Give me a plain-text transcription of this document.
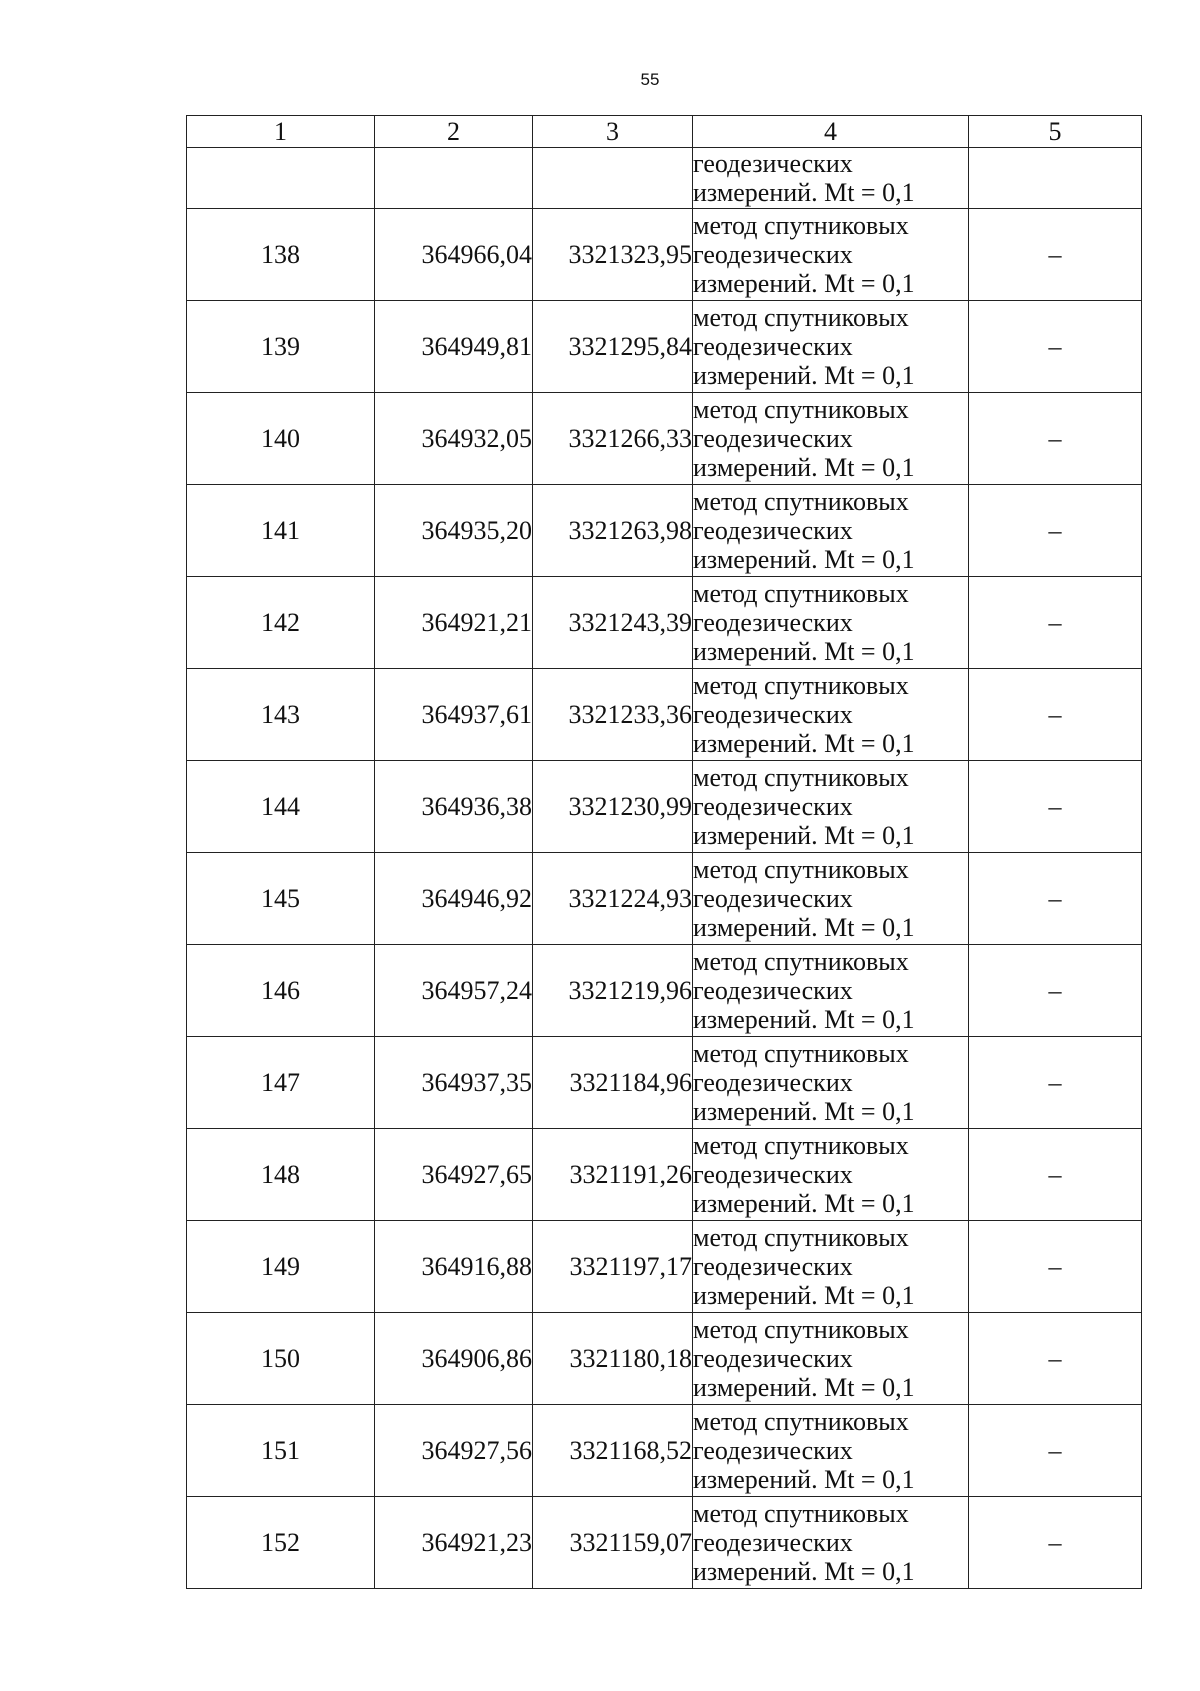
55
1	2	3	4	5

			геодезических
измерений. Mt = 0,1	

138	364966,04	3321323,95	метод спутниковых
геодезических
измерений. Mt = 0,1	–
139	364949,81	3321295,84	метод спутниковых
геодезических
измерений. Mt = 0,1	–
140	364932,05	3321266,33	метод спутниковых
геодезических
измерений. Mt = 0,1	–
141	364935,20	3321263,98	метод спутниковых
геодезических
измерений. Mt = 0,1	–
142	364921,21	3321243,39	метод спутниковых
геодезических
измерений. Mt = 0,1	–
143	364937,61	3321233,36	метод спутниковых
геодезических
измерений. Mt = 0,1	–
144	364936,38	3321230,99	метод спутниковых
геодезических
измерений. Mt = 0,1	–
145	364946,92	3321224,93	метод спутниковых
геодезических
измерений. Mt = 0,1	–
146	364957,24	3321219,96	метод спутниковых
геодезических
измерений. Mt = 0,1	–
147	364937,35	3321184,96	метод спутниковых
геодезических
измерений. Mt = 0,1	–
148	364927,65	3321191,26	метод спутниковых
геодезических
измерений. Mt = 0,1	–
149	364916,88	3321197,17	метод спутниковых
геодезических
измерений. Mt = 0,1	–
150	364906,86	3321180,18	метод спутниковых
геодезических
измерений. Mt = 0,1	–
151	364927,56	3321168,52	метод спутниковых
геодезических
измерений. Mt = 0,1	–
152	364921,23	3321159,07	метод спутниковых
геодезических
измерений. Mt = 0,1	–
